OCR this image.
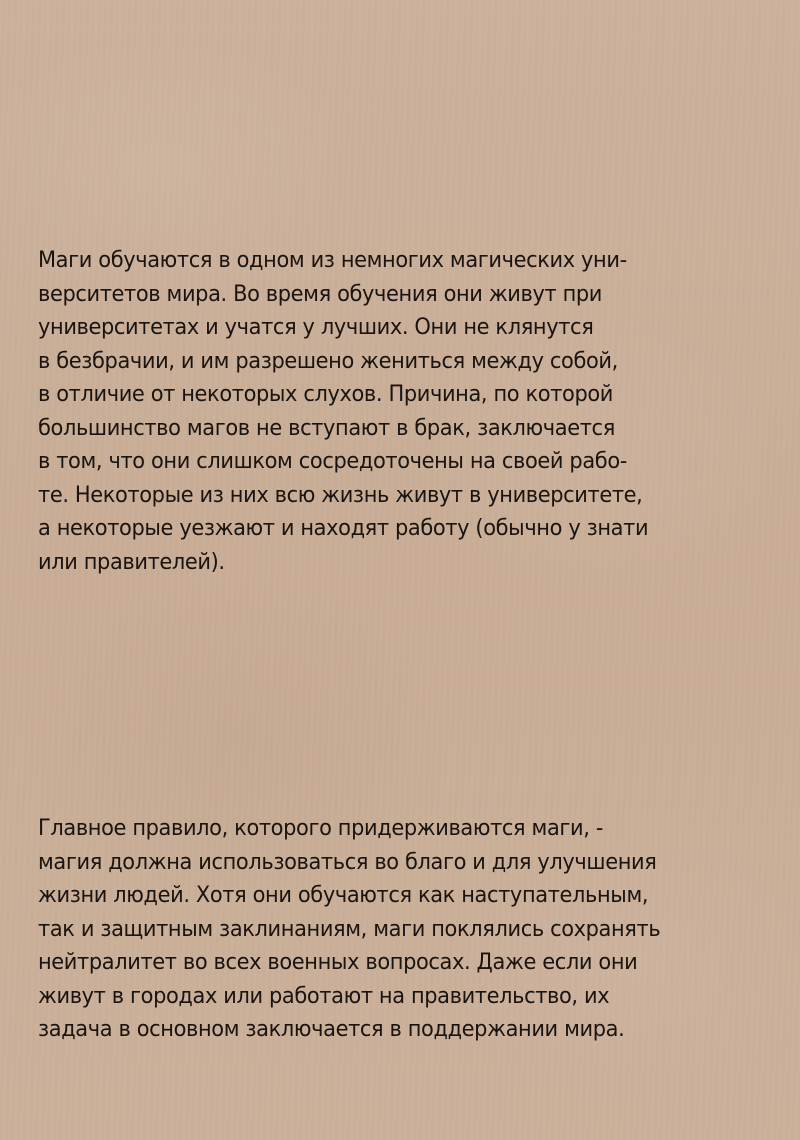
Маги обучаются в одном из немногих магических уни-
верситетов мира. Во время обучения они живут при
университетах и учатся у лучших. Они не клянутся
в безбрачии, и им разрешено жениться между собой,
в отличие от некоторых слухов. Причина, по которой
большинство магов не вступают в брак, заключается
в том, что они слишком сосредоточены на своей рабо-
те. Некоторые из них всю жизнь живут в университете,
а некоторые уезжают и находят работу (обычно у знати
или правителей).

Главное правило, которого придерживаются маги, -
магия должна использоваться во благо и для улучшения
жизни людей. Хотя они обучаются как наступательным,
так и защитным заклинаниям, маги поклялись сохранять
нейтралитет во всех военных вопросах. Даже если они
живут в городах или работают на правительство, их
задача в основном заключается в поддержании мира.
